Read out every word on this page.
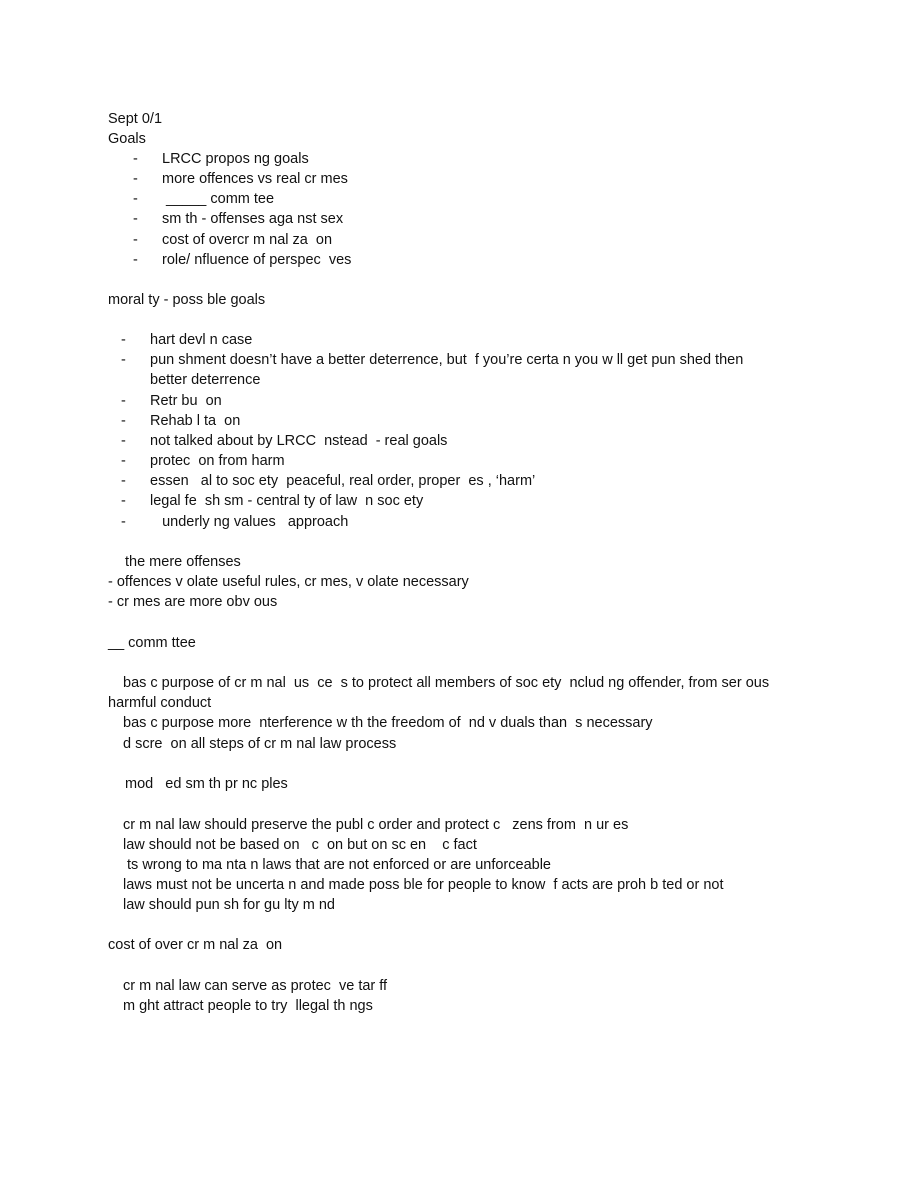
Sept 0/1
Goals
- LRCC propos ng goals
- more offences vs real cr mes
- _____ comm tee
- sm th - offenses aga nst sex
- cost of overcr m nal za  on
- role/ nfluence of perspec  ves
moral ty - poss ble goals
- hart devl n case
- pun shment doesn’t have a better deterrence, but  f you’re certa n you w ll get pun shed then
better deterrence
- Retr bu  on
- Rehab l ta  on
- not talked about by LRCC  nstead  - real goals
- protec  on from harm
- essen   al to soc ety  peaceful, real order, proper  es , ‘harm’
- legal fe  sh sm - central ty of law  n soc ety
- underly ng values   approach
the mere offenses
- offences v olate useful rules, cr mes, v olate necessary
- cr mes are more obv ous
__ comm ttee
bas c purpose of cr m nal  us  ce  s to protect all members of soc ety  nclud ng offender, from ser ous
harmful conduct
bas c purpose more  nterference w th the freedom of  nd v duals than  s necessary
d scre  on all steps of cr m nal law process
mod   ed sm th pr nc ples
cr m nal law should preserve the publ c order and protect c   zens from  n ur es
law should not be based on   c  on but on sc en    c fact
ts wrong to ma nta n laws that are not enforced or are unforceable
laws must not be uncerta n and made poss ble for people to know  f acts are proh b ted or not
law should pun sh for gu lty m nd
cost of over cr m nal za  on
cr m nal law can serve as protec  ve tar ff
m ght attract people to try  llegal th ngs
